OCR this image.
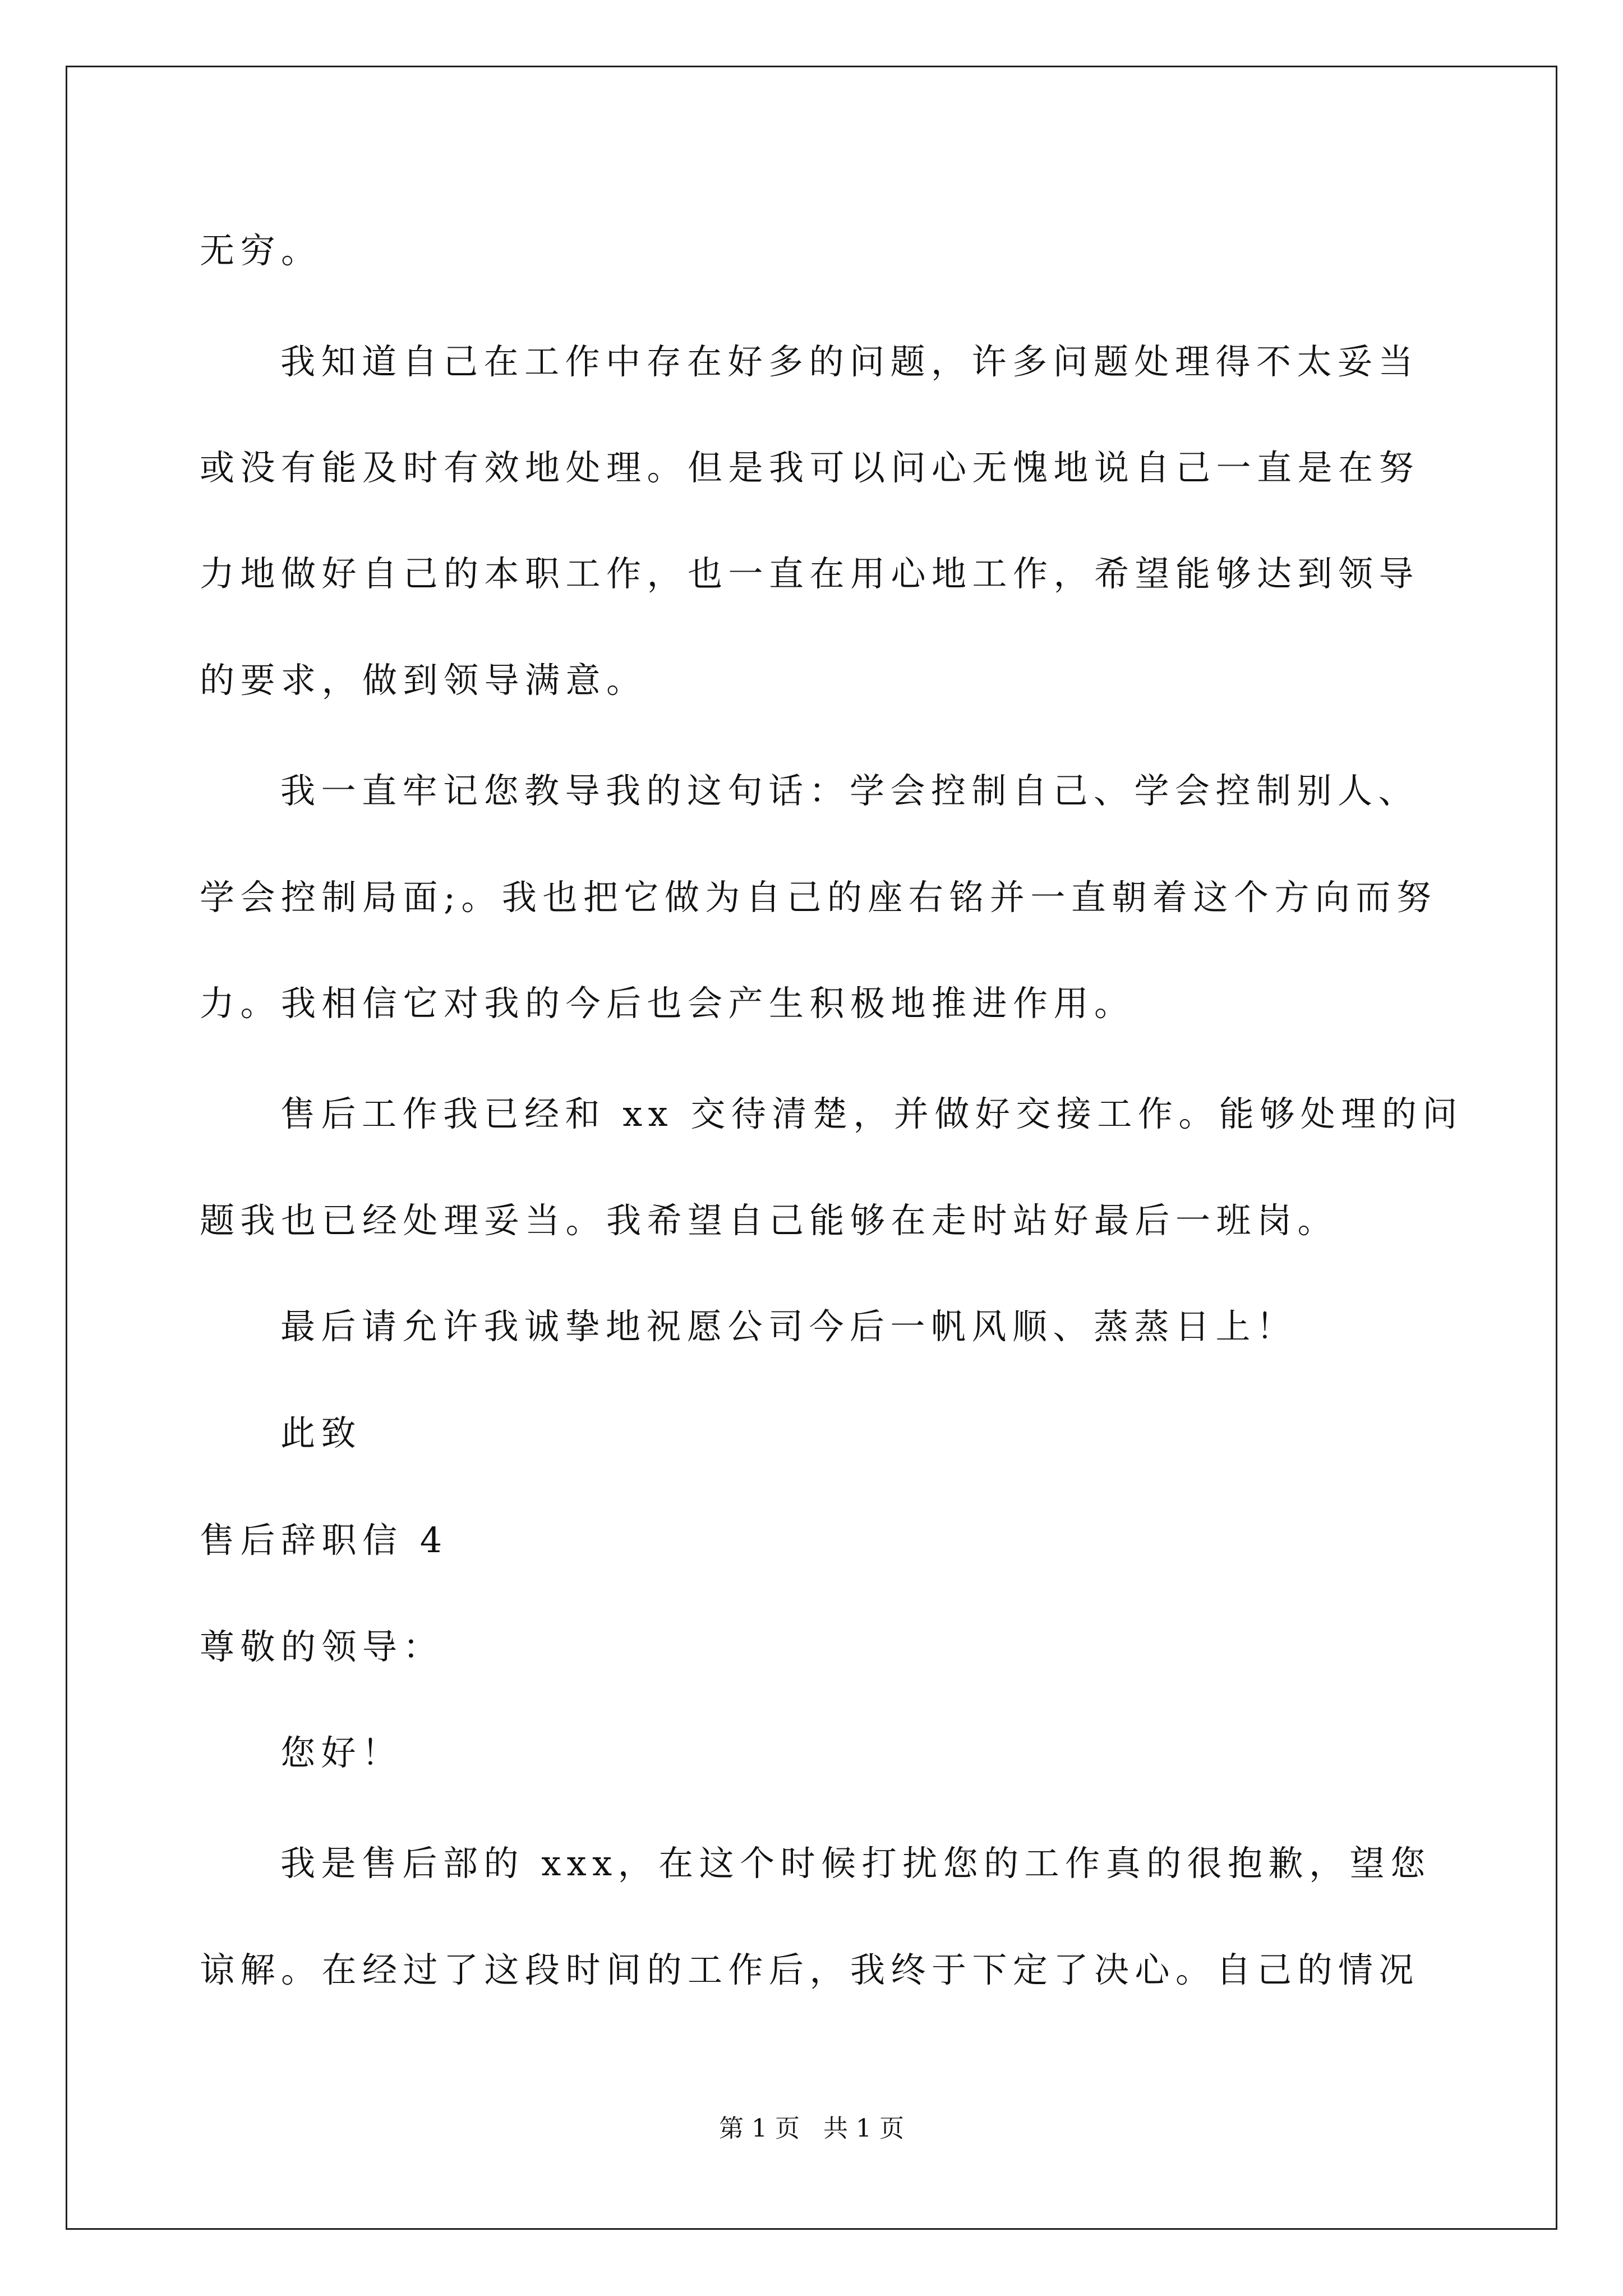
无穷。
我知道自己在工作中存在好多的问题，许多问题处理得不太妥当
或没有能及时有效地处理。但是我可以问心无愧地说自己一直是在努
力地做好自己的本职工作，也一直在用心地工作，希望能够达到领导
的要求，做到领导满意。
我一直牢记您教导我的这句话：学会控制自己、学会控制别人、
学会控制局面;。我也把它做为自己的座右铭并一直朝着这个方向而努
力。我相信它对我的今后也会产生积极地推进作用。
售后工作我已经和 xx 交待清楚，并做好交接工作。能够处理的问
题我也已经处理妥当。我希望自己能够在走时站好最后一班岗。
最后请允许我诚挚地祝愿公司今后一帆风顺、蒸蒸日上！
此致
售后辞职信 4
尊敬的领导：
您好！
我是售后部的 xxx，在这个时候打扰您的工作真的很抱歉，望您
谅解。在经过了这段时间的工作后，我终于下定了决心。自己的情况
第 1 页   共 1 页
